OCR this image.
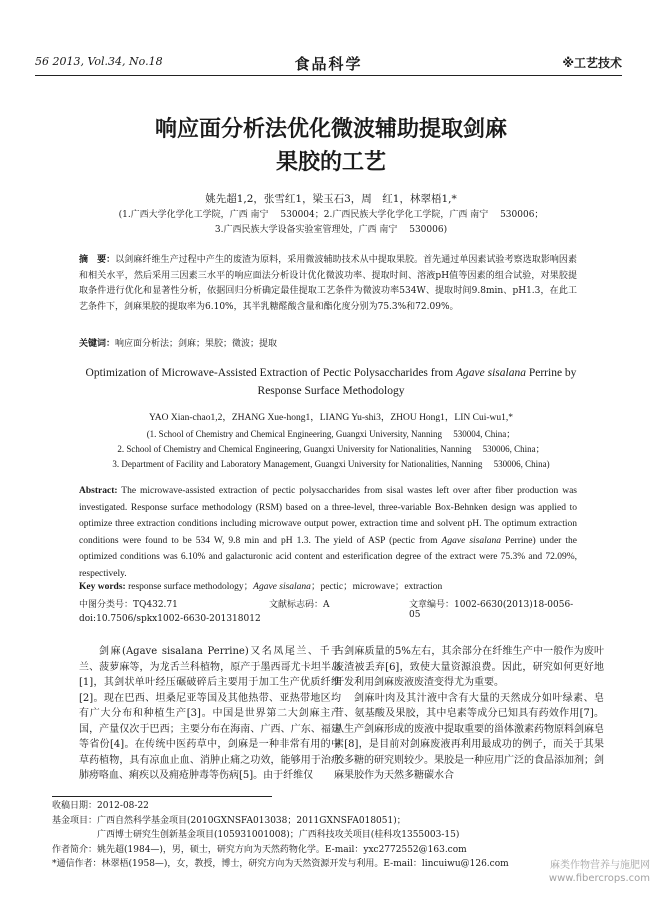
56 2013, Vol.34, No.18	食品科学	※工艺技术
响应面分析法优化微波辅助提取剑麻
果胶的工艺
姚先超1,2，张雪红1，梁玉石3，周　红1，林翠梧1,*
(1.广西大学化学化工学院，广西 南宁　 530004；2.广西民族大学化学化工学院，广西 南宁　 530006；
3.广西民族大学设备实验室管理处，广西 南宁　 530006)
摘　要：以剑麻纤维生产过程中产生的废渣为原料，采用微波辅助技术从中提取果胶。首先通过单因素试验考察选取影响因素和相关水平，然后采用三因素三水平的响应面法分析设计优化微波功率、提取时间、溶液pH值等因素的组合试验，对果胶提取条件进行优化和显著性分析，依据回归分析确定最佳提取工艺条件为微波功率534W、提取时间9.8min、pH1.3，在此工艺条件下，剑麻果胶的提取率为6.10%，其半乳糖醛酸含量和酯化度分别为75.3%和72.09%。
关键词：响应面分析法；剑麻；果胶；微波；提取
Optimization of Microwave-Assisted Extraction of Pectic Polysaccharides from Agave sisalana Perrine by
Response Surface Methodology
YAO Xian-chao1,2，ZHANG Xue-hong1，LIANG Yu-shi3，ZHOU Hong1，LIN Cui-wu1,*
(1. School of Chemistry and Chemical Engineering, Guangxi University, Nanning　 530004, China；
2. School of Chemistry and Chemical Engineering, Guangxi University for Nationalities, Nanning　 530006, China；
3. Department of Facility and Laboratory Management, Guangxi University for Nationalities, Nanning　 530006, China)
Abstract: The microwave-assisted extraction of pectic polysaccharides from sisal wastes left over after fiber production was investigated. Response surface methodology (RSM) based on a three-level, three-variable Box-Behnken design was applied to optimize three extraction conditions including microwave output power, extraction time and solvent pH. The optimum extraction conditions were found to be 534 W, 9.8 min and pH 1.3. The yield of ASP (pectic from Agave sisalana Perrine) under the optimized conditions was 6.10% and galacturonic acid content and esterification degree of the extract were 75.3% and 72.09%, respectively.
Key words: response surface methodology；Agave sisalana；pectic；microwave；extraction
中图分类号：TQ432.71	文献标志码：A	文章编号：1002-6630(2013)18-0056-05
doi:10.7506/spkx1002-6630-201318012

剑麻(Agave sisalana Perrine)又名凤尾兰、千手兰、菠萝麻等，为龙舌兰科植物，原产于墨西哥尤卡坦半岛[1]，其剑状单叶经压碾破碎后主要用于加工生产优质纤维[2]。现在巴西、坦桑尼亚等国及其他热带、亚热带地区均有广大分布和种植生产[3]。中国是世界第二大剑麻主产国，产量仅次于巴西；主要分布在海南、广西、广东、福建等省份[4]。在传统中医药草中，剑麻是一种非常有用的中草药植物，具有凉血止血、消肿止痛之功效，能够用于治疗肺痨咯血、痢疾以及痈疮肿毒等伤病[5]。由于纤维仅

占剑麻质量的5%左右，其余部分在纤维生产中一般作为废叶废渣被丢弃[6]，致使大量资源浪费。因此，研究如何更好地开发利用剑麻废液废渣变得尤为重要。

剑麻叶肉及其汁液中含有大量的天然成分如叶绿素、皂苷、氨基酸及果胶，其中皂素等成分已知具有药效作用[7]。从生产剑麻形成的废液中提取重要的甾体激素药物原料剑麻皂素[8]，是目前对剑麻废液再利用最成功的例子，而关于其果胶多糖的研究则较少。果胶是一种应用广泛的食品添加剂；剑麻果胶作为天然多糖碳水合

收稿日期：2012-08-22
基金项目：广西自然科学基金项目(2010GXNSFA013038；2011GXNSFA018051)；
　　　　　广西博士研究生创新基金项目(105931001008)；广西科技攻关项目(桂科攻1355003-15)
作者简介：姚先超(1984—)，男，硕士，研究方向为天然药物化学。E-mail：yxc2772552@163.com
*通信作者：林翠梧(1958—)，女，教授，博士，研究方向为天然资源开发与利用。E-mail：lincuiwu@126.com	麻类作物营养与施肥网
www.fibercrops.com
